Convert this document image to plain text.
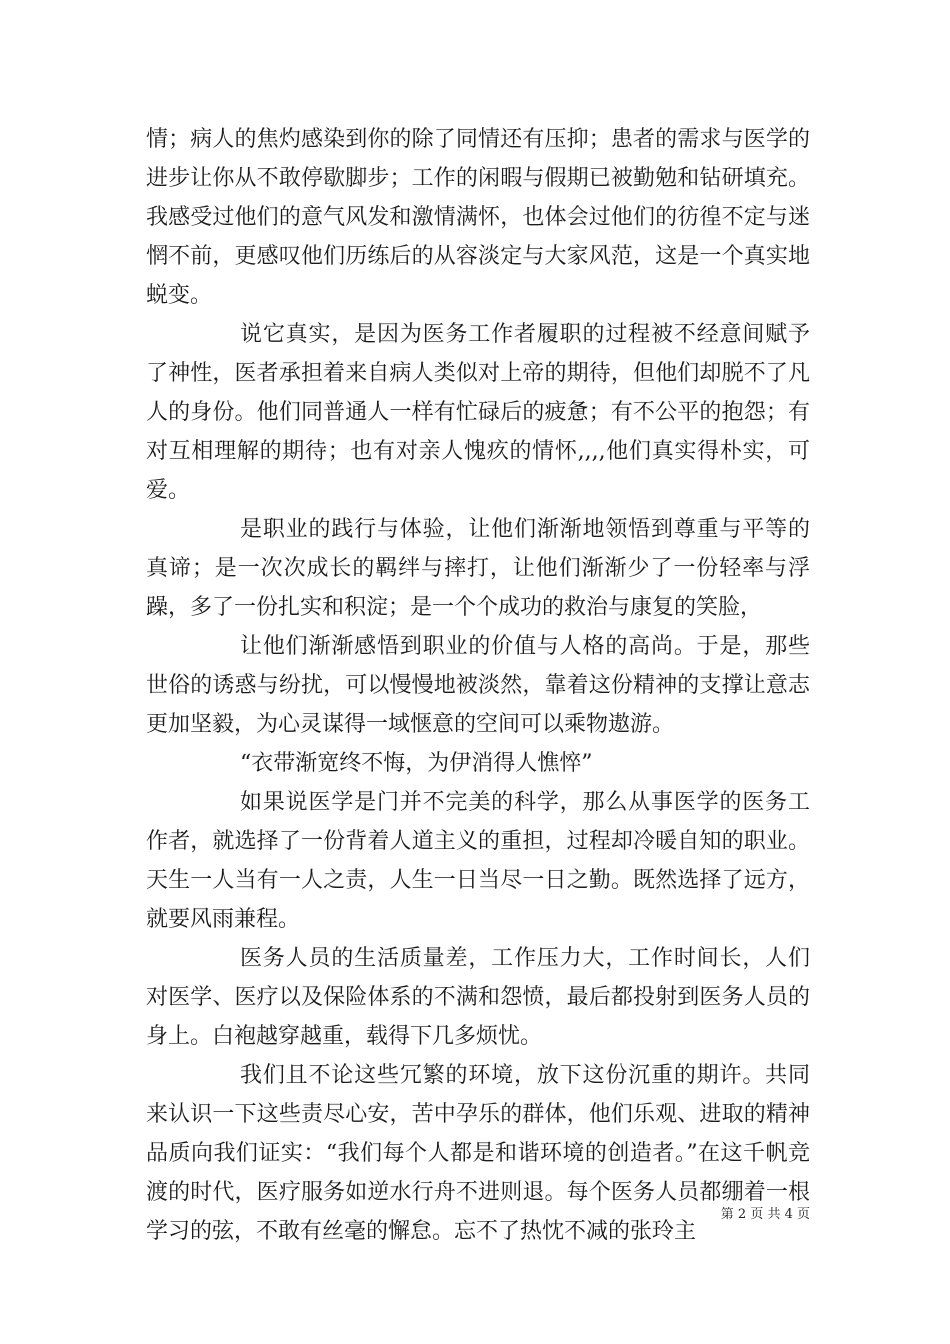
情；病人的焦灼感染到你的除了同情还有压抑；患者的需求与医学的进步让你从不敢停歇脚步；工作的闲暇与假期已被勤勉和钻研填充。我感受过他们的意气风发和激情满怀，也体会过他们的彷徨不定与迷惘不前，更感叹他们历练后的从容淡定与大家风范，这是一个真实地蜕变。

说它真实，是因为医务工作者履职的过程被不经意间赋予了神性，医者承担着来自病人类似对上帝的期待，但他们却脱不了凡人的身份。他们同普通人一样有忙碌后的疲惫；有不公平的抱怨；有对互相理解的期待；也有对亲人愧疚的情怀,,,,他们真实得朴实，可爱。

是职业的践行与体验，让他们渐渐地领悟到尊重与平等的真谛；是一次次成长的羁绊与摔打，让他们渐渐少了一份轻率与浮躁，多了一份扎实和积淀；是一个个成功的救治与康复的笑脸，

让他们渐渐感悟到职业的价值与人格的高尚。于是，那些世俗的诱惑与纷扰，可以慢慢地被淡然，靠着这份精神的支撑让意志更加坚毅，为心灵谋得一域惬意的空间可以乘物遨游。

“衣带渐宽终不悔，为伊消得人憔悴”

如果说医学是门并不完美的科学，那么从事医学的医务工作者，就选择了一份背着人道主义的重担，过程却冷暖自知的职业。天生一人当有一人之责，人生一日当尽一日之勤。既然选择了远方，就要风雨兼程。

医务人员的生活质量差，工作压力大，工作时间长，人们对医学、医疗以及保险体系的不满和怨愤，最后都投射到医务人员的身上。白袍越穿越重，载得下几多烦忧。

我们且不论这些冗繁的环境，放下这份沉重的期许。共同来认识一下这些责尽心安，苦中孕乐的群体，他们乐观、进取的精神品质向我们证实：“我们每个人都是和谐环境的创造者。”在这千帆竞渡的时代，医疗服务如逆水行舟不进则退。每个医务人员都绷着一根学习的弦，不敢有丝毫的懈怠。忘不了热忱不减的张玲主

第 2 页 共 4 页
